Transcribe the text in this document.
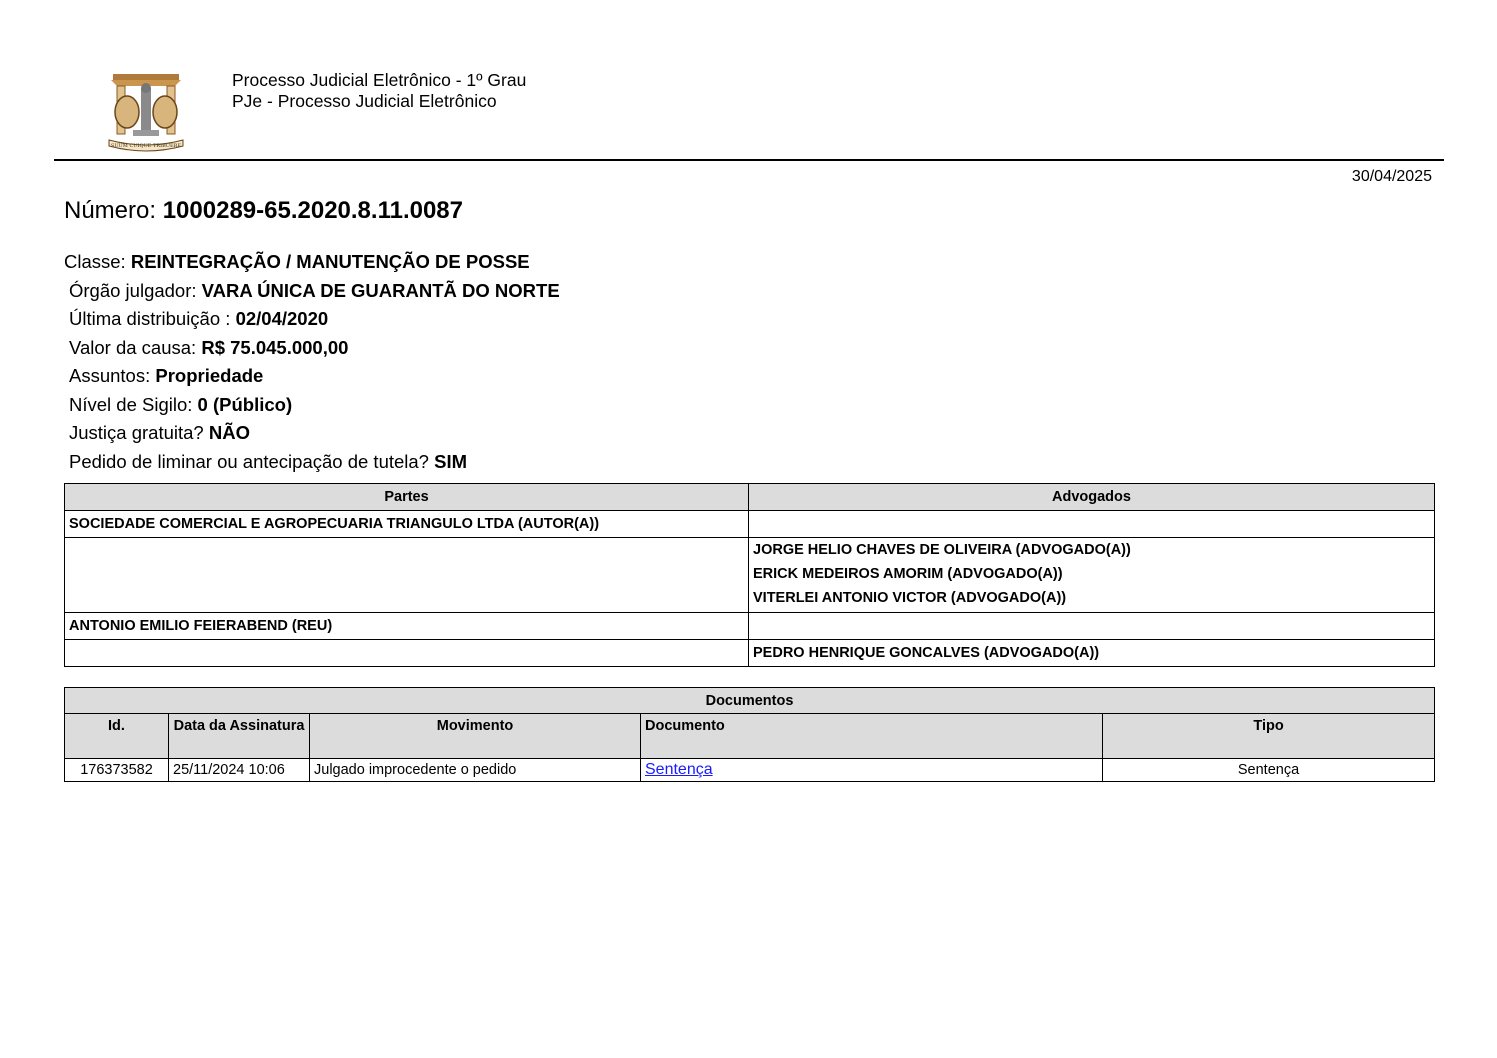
SUUM CUIQUE TRIBUERE
Processo Judicial Eletrônico - 1º Grau
PJe - Processo Judicial Eletrônico
30/04/2025
Número: 1000289-65.2020.8.11.0087
Classe: REINTEGRAÇÃO / MANUTENÇÃO DE POSSE
Órgão julgador: VARA ÚNICA DE GUARANTÃ DO NORTE
Última distribuição : 02/04/2020
Valor da causa: R$ 75.045.000,00
Assuntos: Propriedade
Nível de Sigilo: 0 (Público)
Justiça gratuita? NÃO
Pedido de liminar ou antecipação de tutela? SIM
Partes	Advogados

SOCIEDADE COMERCIAL E AGROPECUARIA TRIANGULO LTDA (AUTOR(A))	

	JORGE HELIO CHAVES DE OLIVEIRA (ADVOGADO(A))
ERICK MEDEIROS AMORIM (ADVOGADO(A))
VITERLEI ANTONIO VICTOR (ADVOGADO(A))

ANTONIO EMILIO FEIERABEND (REU)	

	PEDRO HENRIQUE GONCALVES (ADVOGADO(A))
Documentos				
Id.	Data da Assinatura	Movimento	Documento	Tipo
176373582	25/11/2024 10:06	Julgado improcedente o pedido	Sentença	Sentença
